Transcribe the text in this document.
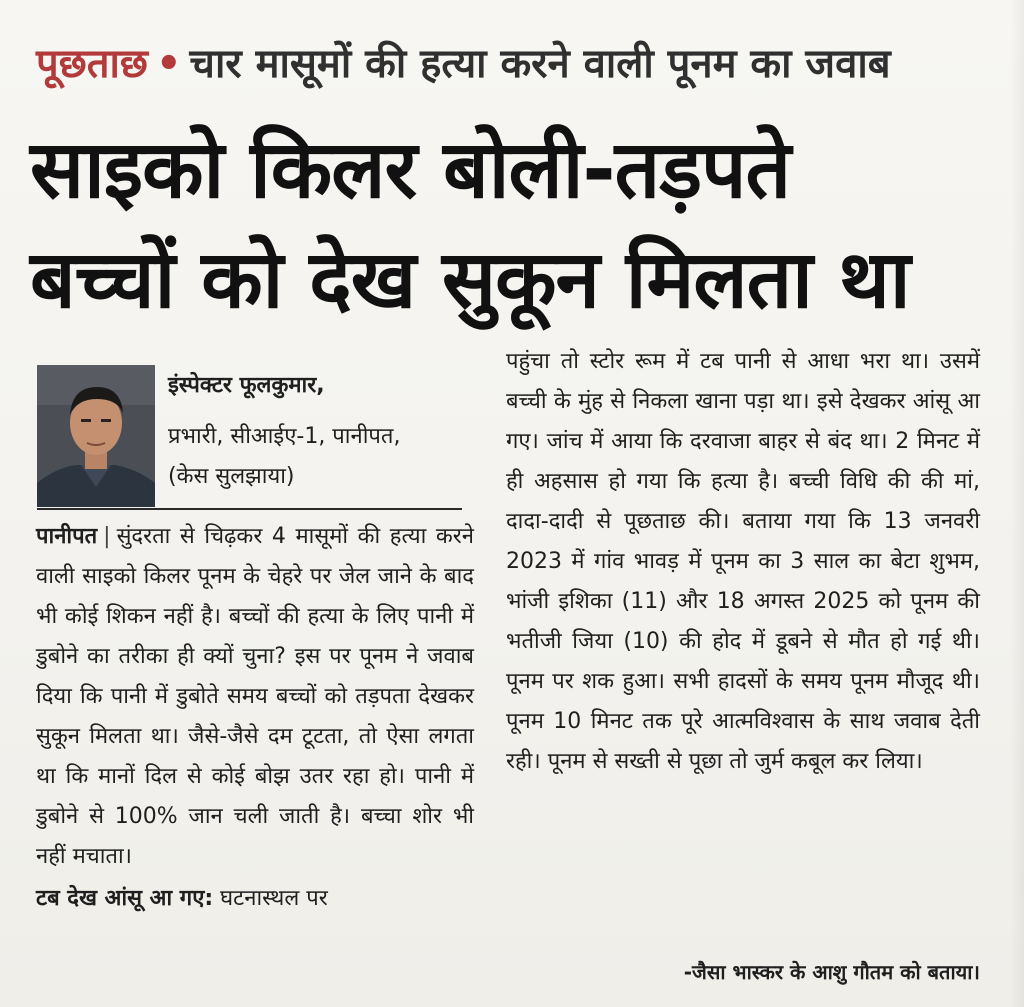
पूछताछ • चार मासूमों की हत्या करने वाली पूनम का जवाब
साइको किलर बोली-तड़पते
बच्चों को देख सुकून मिलता था
इंस्पेक्टर फूलकुमार,
प्रभारी, सीआईए-1, पानीपत,
(केस सुलझाया)

पानीपत | सुंदरता से चिढ़कर 4 मासूमों की हत्या करने वाली साइको किलर पूनम के चेहरे पर जेल जाने के बाद भी कोई शिकन नहीं है। बच्चों की हत्या के लिए पानी में डुबोने का तरीका ही क्यों चुना? इस पर पूनम ने जवाब दिया कि पानी में डुबोते समय बच्चों को तड़पता देखकर सुकून मिलता था। जैसे-जैसे दम टूटता, तो ऐसा लगता था कि मानों दिल से कोई बोझ उतर रहा हो। पानी में डुबोने से 100% जान चली जाती है। बच्चा शोर भी नहीं मचाता।

टब देख आंसू आ गए: घटनास्थल पर

पहुंचा तो स्टोर रूम में टब पानी से आधा भरा था। उसमें बच्ची के मुंह से निकला खाना पड़ा था। इसे देखकर आंसू आ गए। जांच में आया कि दरवाजा बाहर से बंद था। 2 मिनट में ही अहसास हो गया कि हत्या है। बच्ची विधि की की मां, दादा-दादी से पूछताछ की। बताया गया कि 13 जनवरी 2023 में गांव भावड़ में पूनम का 3 साल का बेटा शुभम, भांजी इशिका (11) और 18 अगस्त 2025 को पूनम की भतीजी जिया (10) की होद में डूबने से मौत हो गई थी। पूनम पर शक हुआ। सभी हादसों के समय पूनम मौजूद थी। पूनम 10 मिनट तक पूरे आत्मविश्वास के साथ जवाब देती रही। पूनम से सख्ती से पूछा तो जुर्म कबूल कर लिया।

-जैसा भास्कर के आशु गौतम को बताया।
